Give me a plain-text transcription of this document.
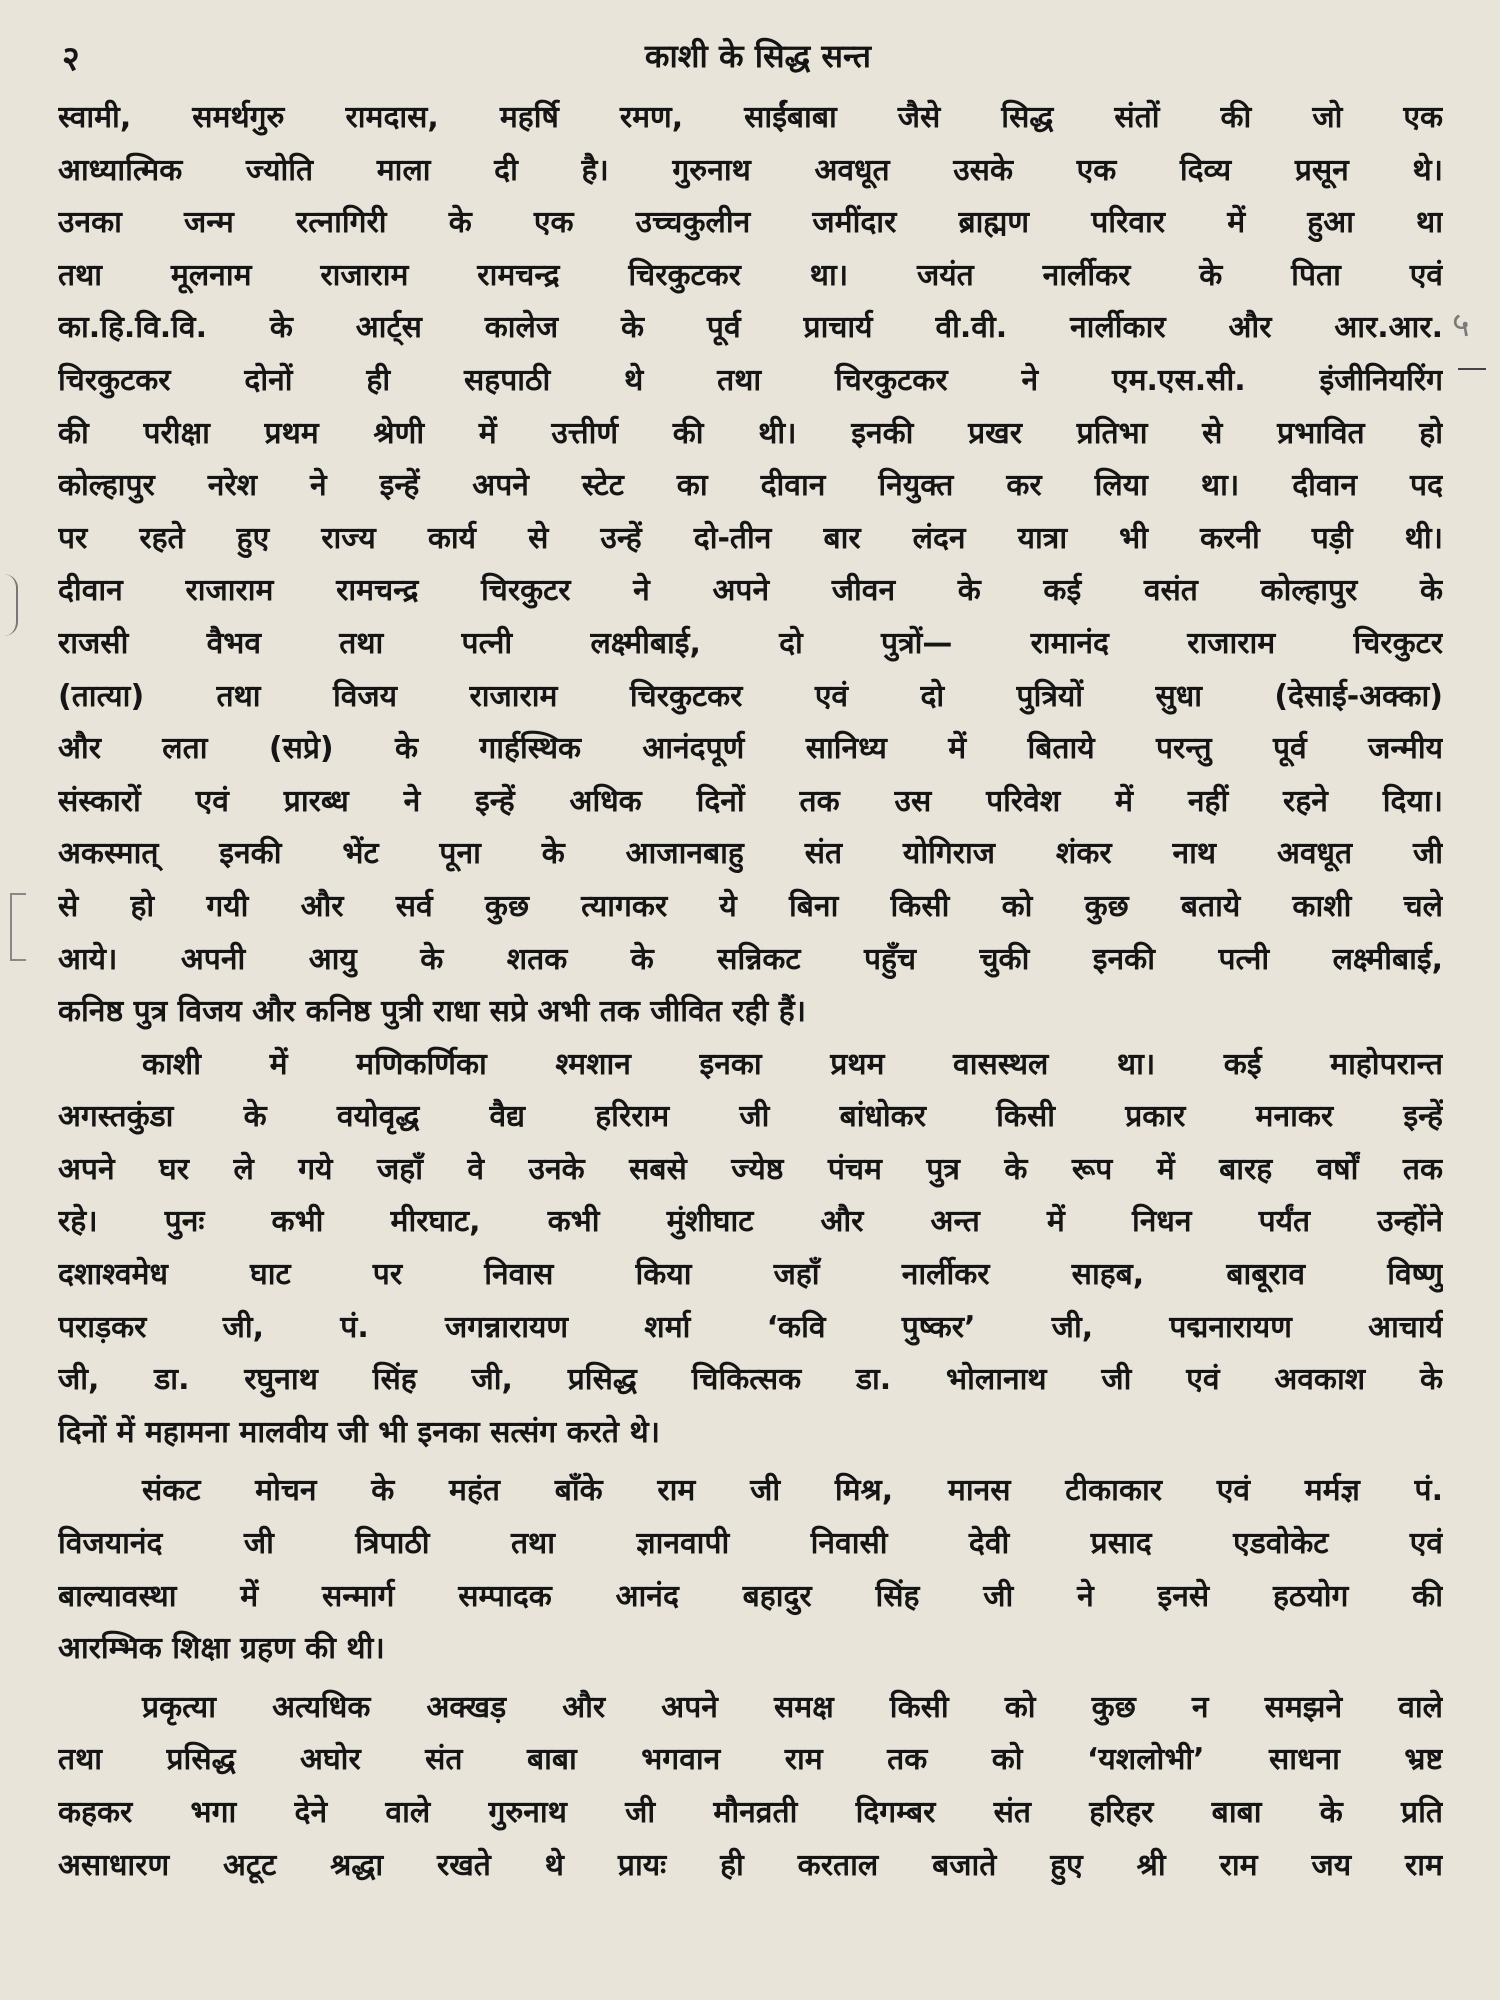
२	काशी के सिद्ध सन्त
स्वामी, समर्थगुरु रामदास, महर्षि रमण, साईंबाबा जैसे सिद्ध संतों की जो एक
आध्यात्मिक ज्योति माला दी है। गुरुनाथ अवधूत उसके एक दिव्य प्रसून थे।
उनका जन्म रत्नागिरी के एक उच्चकुलीन जमींदार ब्राह्मण परिवार में हुआ था
तथा मूलनाम राजाराम रामचन्द्र चिरकुटकर था। जयंत नार्लीकर के पिता एवं
का.हि.वि.वि. के आर्ट्स कालेज के पूर्व प्राचार्य वी.वी. नार्लीकार और आर.आर.
चिरकुटकर दोनों ही सहपाठी थे तथा चिरकुटकर ने एम.एस.सी. इंजीनियरिंग
की परीक्षा प्रथम श्रेणी में उत्तीर्ण की थी। इनकी प्रखर प्रतिभा से प्रभावित हो
कोल्हापुर नरेश ने इन्हें अपने स्टेट का दीवान नियुक्त कर लिया था। दीवान पद
पर रहते हुए राज्य कार्य से उन्हें दो-तीन बार लंदन यात्रा भी करनी पड़ी थी।
दीवान राजाराम रामचन्द्र चिरकुटर ने अपने जीवन के कई वसंत कोल्हापुर के
राजसी वैभव तथा पत्नी लक्ष्मीबाई, दो पुत्रों— रामानंद राजाराम चिरकुटर
(तात्या) तथा विजय राजाराम चिरकुटकर एवं दो पुत्रियों सुधा (देसाई-अक्का)
और लता (सप्रे) के गार्हस्थिक आनंदपूर्ण सानिध्य में बिताये परन्तु पूर्व जन्मीय
संस्कारों एवं प्रारब्ध ने इन्हें अधिक दिनों तक उस परिवेश में नहीं रहने दिया।
अकस्मात् इनकी भेंट पूना के आजानबाहु संत योगिराज शंकर नाथ अवधूत जी
से हो गयी और सर्व कुछ त्यागकर ये बिना किसी को कुछ बताये काशी चले
आये। अपनी आयु के शतक के सन्निकट पहुँच चुकी इनकी पत्नी लक्ष्मीबाई,
कनिष्ठ पुत्र विजय और कनिष्ठ पुत्री राधा सप्रे अभी तक जीवित रही हैं।
काशी में मणिकर्णिका श्मशान इनका प्रथम वासस्थल था। कई माहोपरान्त
अगस्तकुंडा के वयोवृद्ध वैद्य हरिराम जी बांधोकर किसी प्रकार मनाकर इन्हें
अपने घर ले गये जहाँ वे उनके सबसे ज्येष्ठ पंचम पुत्र के रूप में बारह वर्षों तक
रहे। पुनः कभी मीरघाट, कभी मुंशीघाट और अन्त में निधन पर्यंत उन्होंने
दशाश्वमेध घाट पर निवास किया जहाँ नार्लीकर साहब, बाबूराव विष्णु
पराड़कर जी, पं. जगन्नारायण शर्मा ‘कवि पुष्कर’ जी, पद्मनारायण आचार्य
जी, डा. रघुनाथ सिंह जी, प्रसिद्ध चिकित्सक डा. भोलानाथ जी एवं अवकाश के
दिनों में महामना मालवीय जी भी इनका सत्संग करते थे।
संकट मोचन के महंत बाँके राम जी मिश्र, मानस टीकाकार एवं मर्मज्ञ पं.
विजयानंद जी त्रिपाठी तथा ज्ञानवापी निवासी देवी प्रसाद एडवोकेट एवं
बाल्यावस्था में सन्मार्ग सम्पादक आनंद बहादुर सिंह जी ने इनसे हठयोग की
आरम्भिक शिक्षा ग्रहण की थी।
प्रकृत्या अत्यधिक अक्खड़ और अपने समक्ष किसी को कुछ न समझने वाले
तथा प्रसिद्ध अघोर संत बाबा भगवान राम तक को ‘यशलोभी’ साधना भ्रष्ट
कहकर भगा देने वाले गुरुनाथ जी मौनव्रती दिगम्बर संत हरिहर बाबा के प्रति
असाधारण अटूट श्रद्धा रखते थे प्रायः ही करताल बजाते हुए श्री राम जय राम
५
